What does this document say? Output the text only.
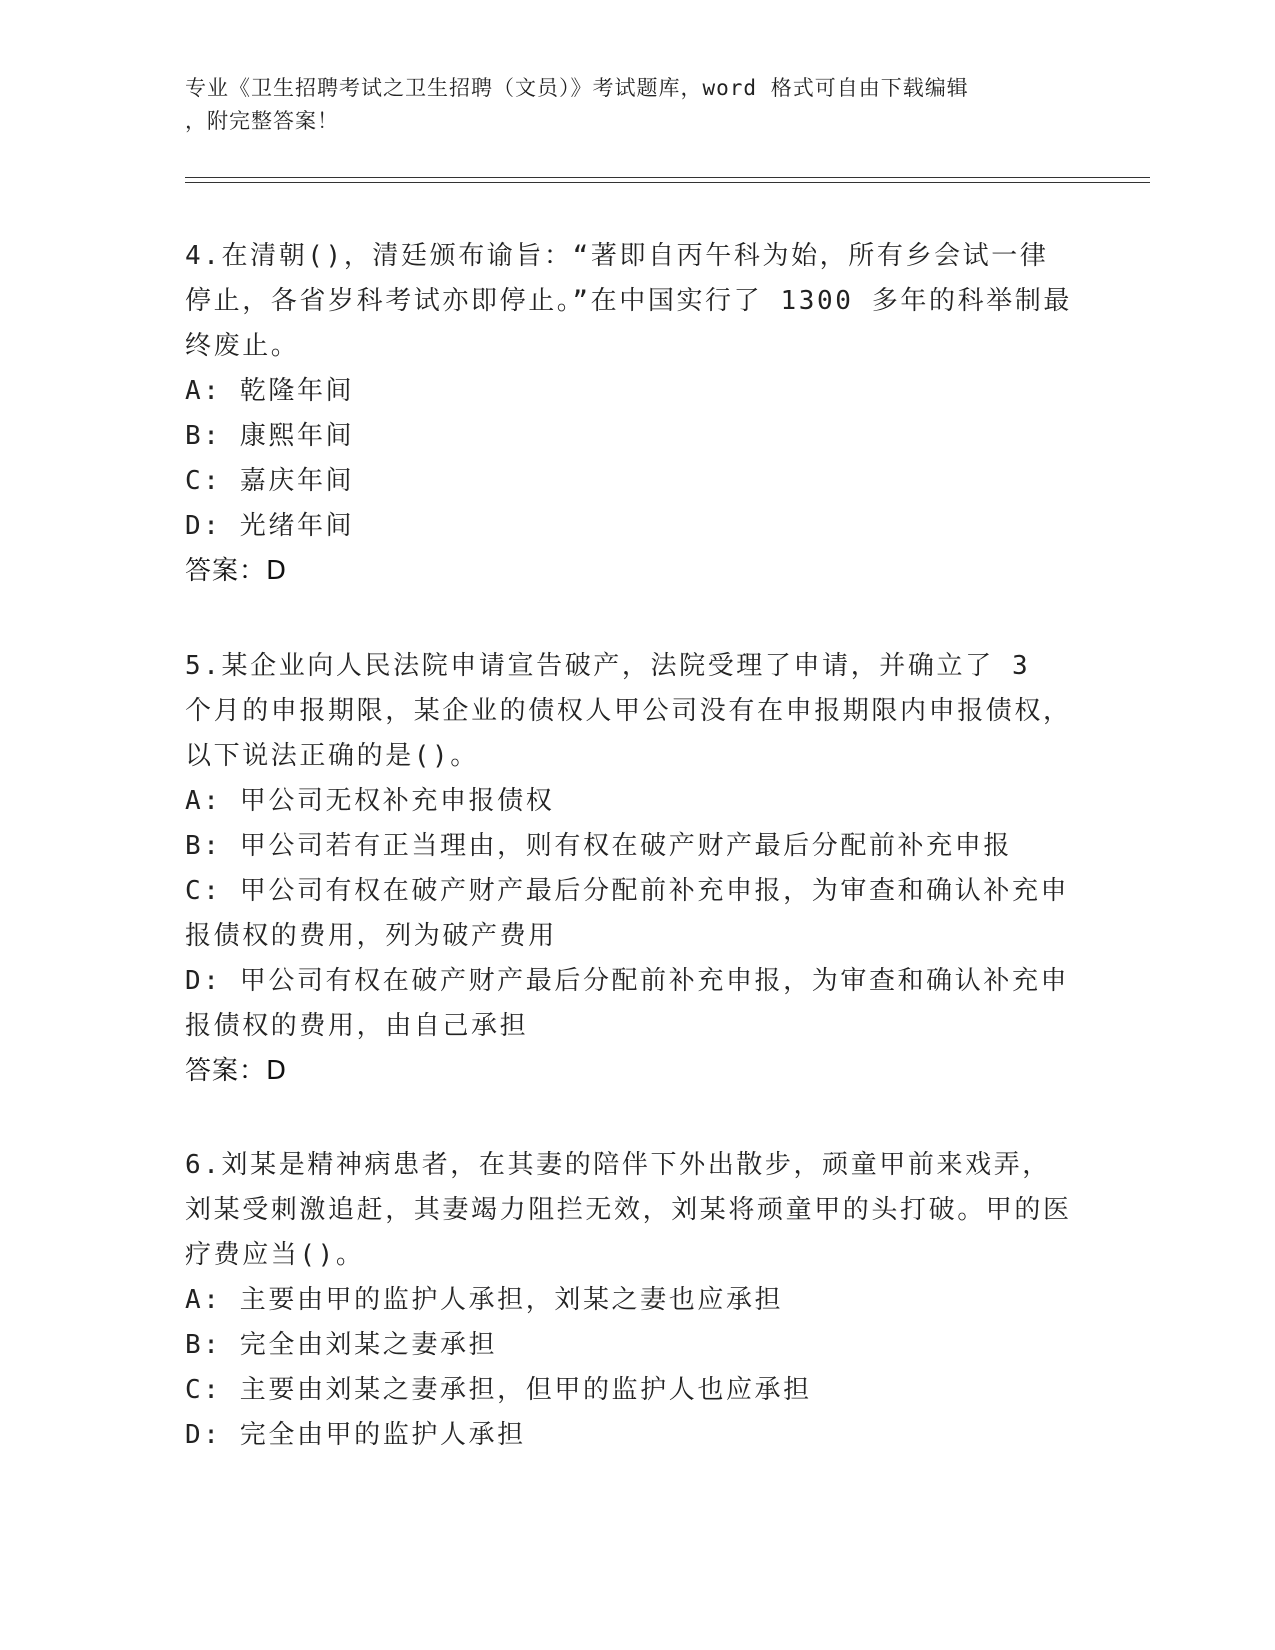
专业《卫生招聘考试之卫生招聘（文员）》考试题库，word 格式可自由下载编辑
，附完整答案！

4.在清朝()，清廷颁布谕旨：“著即自丙午科为始，所有乡会试一律停止，各省岁科考试亦即停止。”在中国实行了 1300 多年的科举制最终废止。

A: 乾隆年间

B: 康熙年间

C: 嘉庆年间

D: 光绪年间

答案：D

5.某企业向人民法院申请宣告破产，法院受理了申请，并确立了 3 个月的申报期限，某企业的债权人甲公司没有在申报期限内申报债权，以下说法正确的是()。

A: 甲公司无权补充申报债权

B: 甲公司若有正当理由，则有权在破产财产最后分配前补充申报

C: 甲公司有权在破产财产最后分配前补充申报，为审查和确认补充申报债权的费用，列为破产费用

D: 甲公司有权在破产财产最后分配前补充申报，为审查和确认补充申报债权的费用，由自己承担

答案：D

6.刘某是精神病患者，在其妻的陪伴下外出散步，顽童甲前来戏弄，刘某受刺激追赶，其妻竭力阻拦无效，刘某将顽童甲的头打破。甲的医疗费应当()。

A: 主要由甲的监护人承担，刘某之妻也应承担

B: 完全由刘某之妻承担

C: 主要由刘某之妻承担，但甲的监护人也应承担

D: 完全由甲的监护人承担
